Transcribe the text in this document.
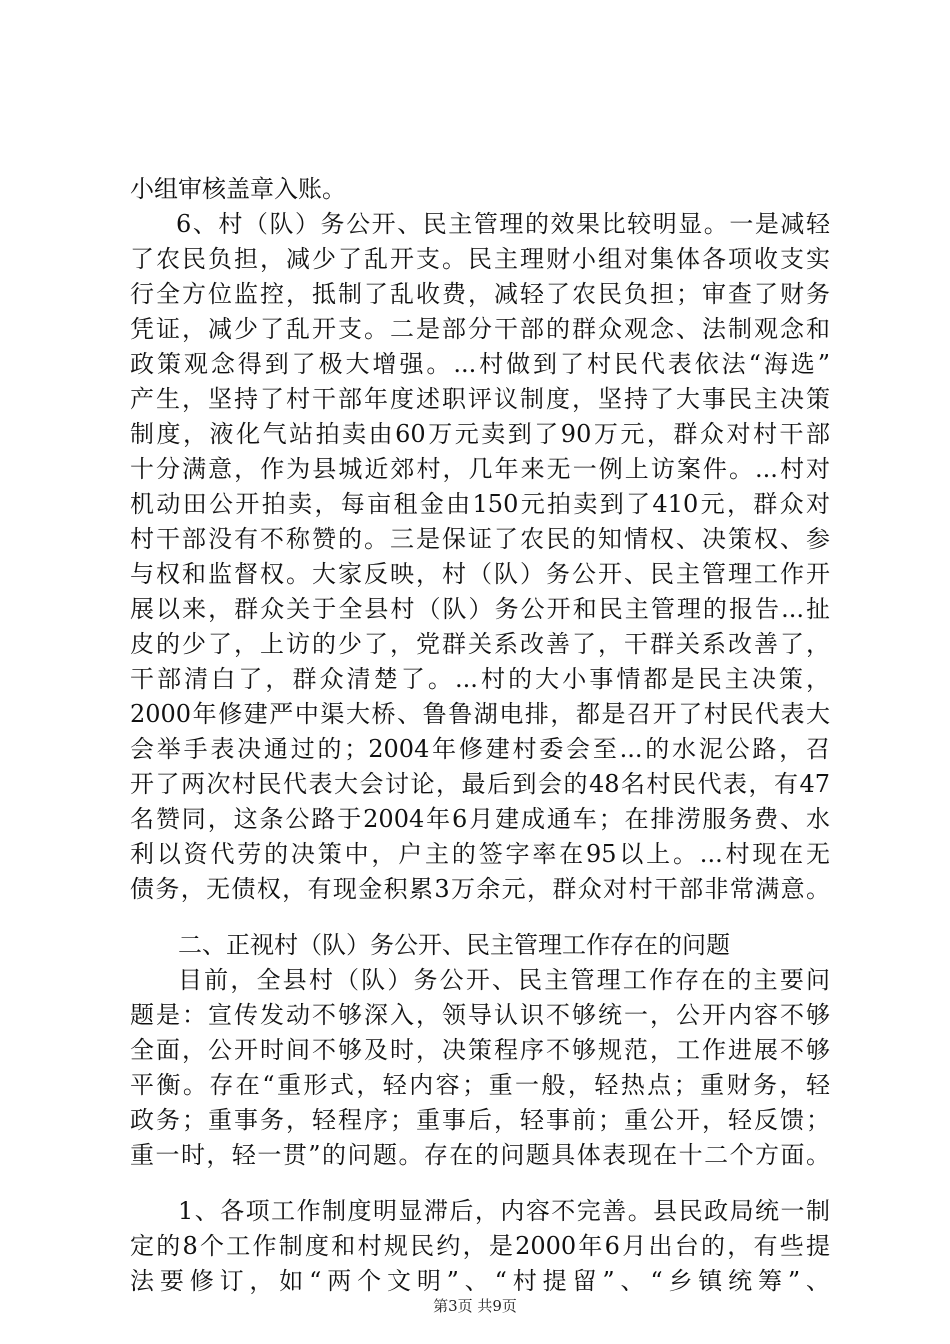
小组审核盖章入账。

6、村（队）务公开、民主管理的效果比较明显。一是减轻

了农民负担，减少了乱开支。民主理财小组对集体各项收支实

行全方位监控，抵制了乱收费，减轻了农民负担；审查了财务

凭证，减少了乱开支。二是部分干部的群众观念、法制观念和

政策观念得到了极大增强。...村做到了村民代表依法“海选”

产生，坚持了村干部年度述职评议制度，坚持了大事民主决策

制度，液化气站拍卖由60万元卖到了90万元，群众对村干部

十分满意，作为县城近郊村，几年来无一例上访案件。...村对

机动田公开拍卖，每亩租金由150元拍卖到了410元，群众对

村干部没有不称赞的。三是保证了农民的知情权、决策权、参

与权和监督权。大家反映，村（队）务公开、民主管理工作开

展以来，群众关于全县村（队）务公开和民主管理的报告...扯

皮的少了，上访的少了，党群关系改善了，干群关系改善了，

干部清白了，群众清楚了。...村的大小事情都是民主决策，

2000年修建严中渠大桥、鲁鲁湖电排，都是召开了村民代表大

会举手表决通过的；2004年修建村委会至...的水泥公路，召

开了两次村民代表大会讨论，最后到会的48名村民代表，有47

名赞同，这条公路于2004年6月建成通车；在排涝服务费、水

利以资代劳的决策中，户主的签字率在95以上。...村现在无

债务，无债权，有现金积累3万余元，群众对村干部非常满意。

二、正视村（队）务公开、民主管理工作存在的问题

目前，全县村（队）务公开、民主管理工作存在的主要问

题是：宣传发动不够深入，领导认识不够统一，公开内容不够

全面，公开时间不够及时，决策程序不够规范，工作进展不够

平衡。存在“重形式，轻内容；重一般，轻热点；重财务，轻

政务；重事务，轻程序；重事后，轻事前；重公开，轻反馈；

重一时，轻一贯”的问题。存在的问题具体表现在十二个方面。

1、各项工作制度明显滞后，内容不完善。县民政局统一制

定的8个工作制度和村规民约，是2000年6月出台的，有些提

法要修订，如“两个文明”、“村提留”、“乡镇统筹”、

第3页 共9页
